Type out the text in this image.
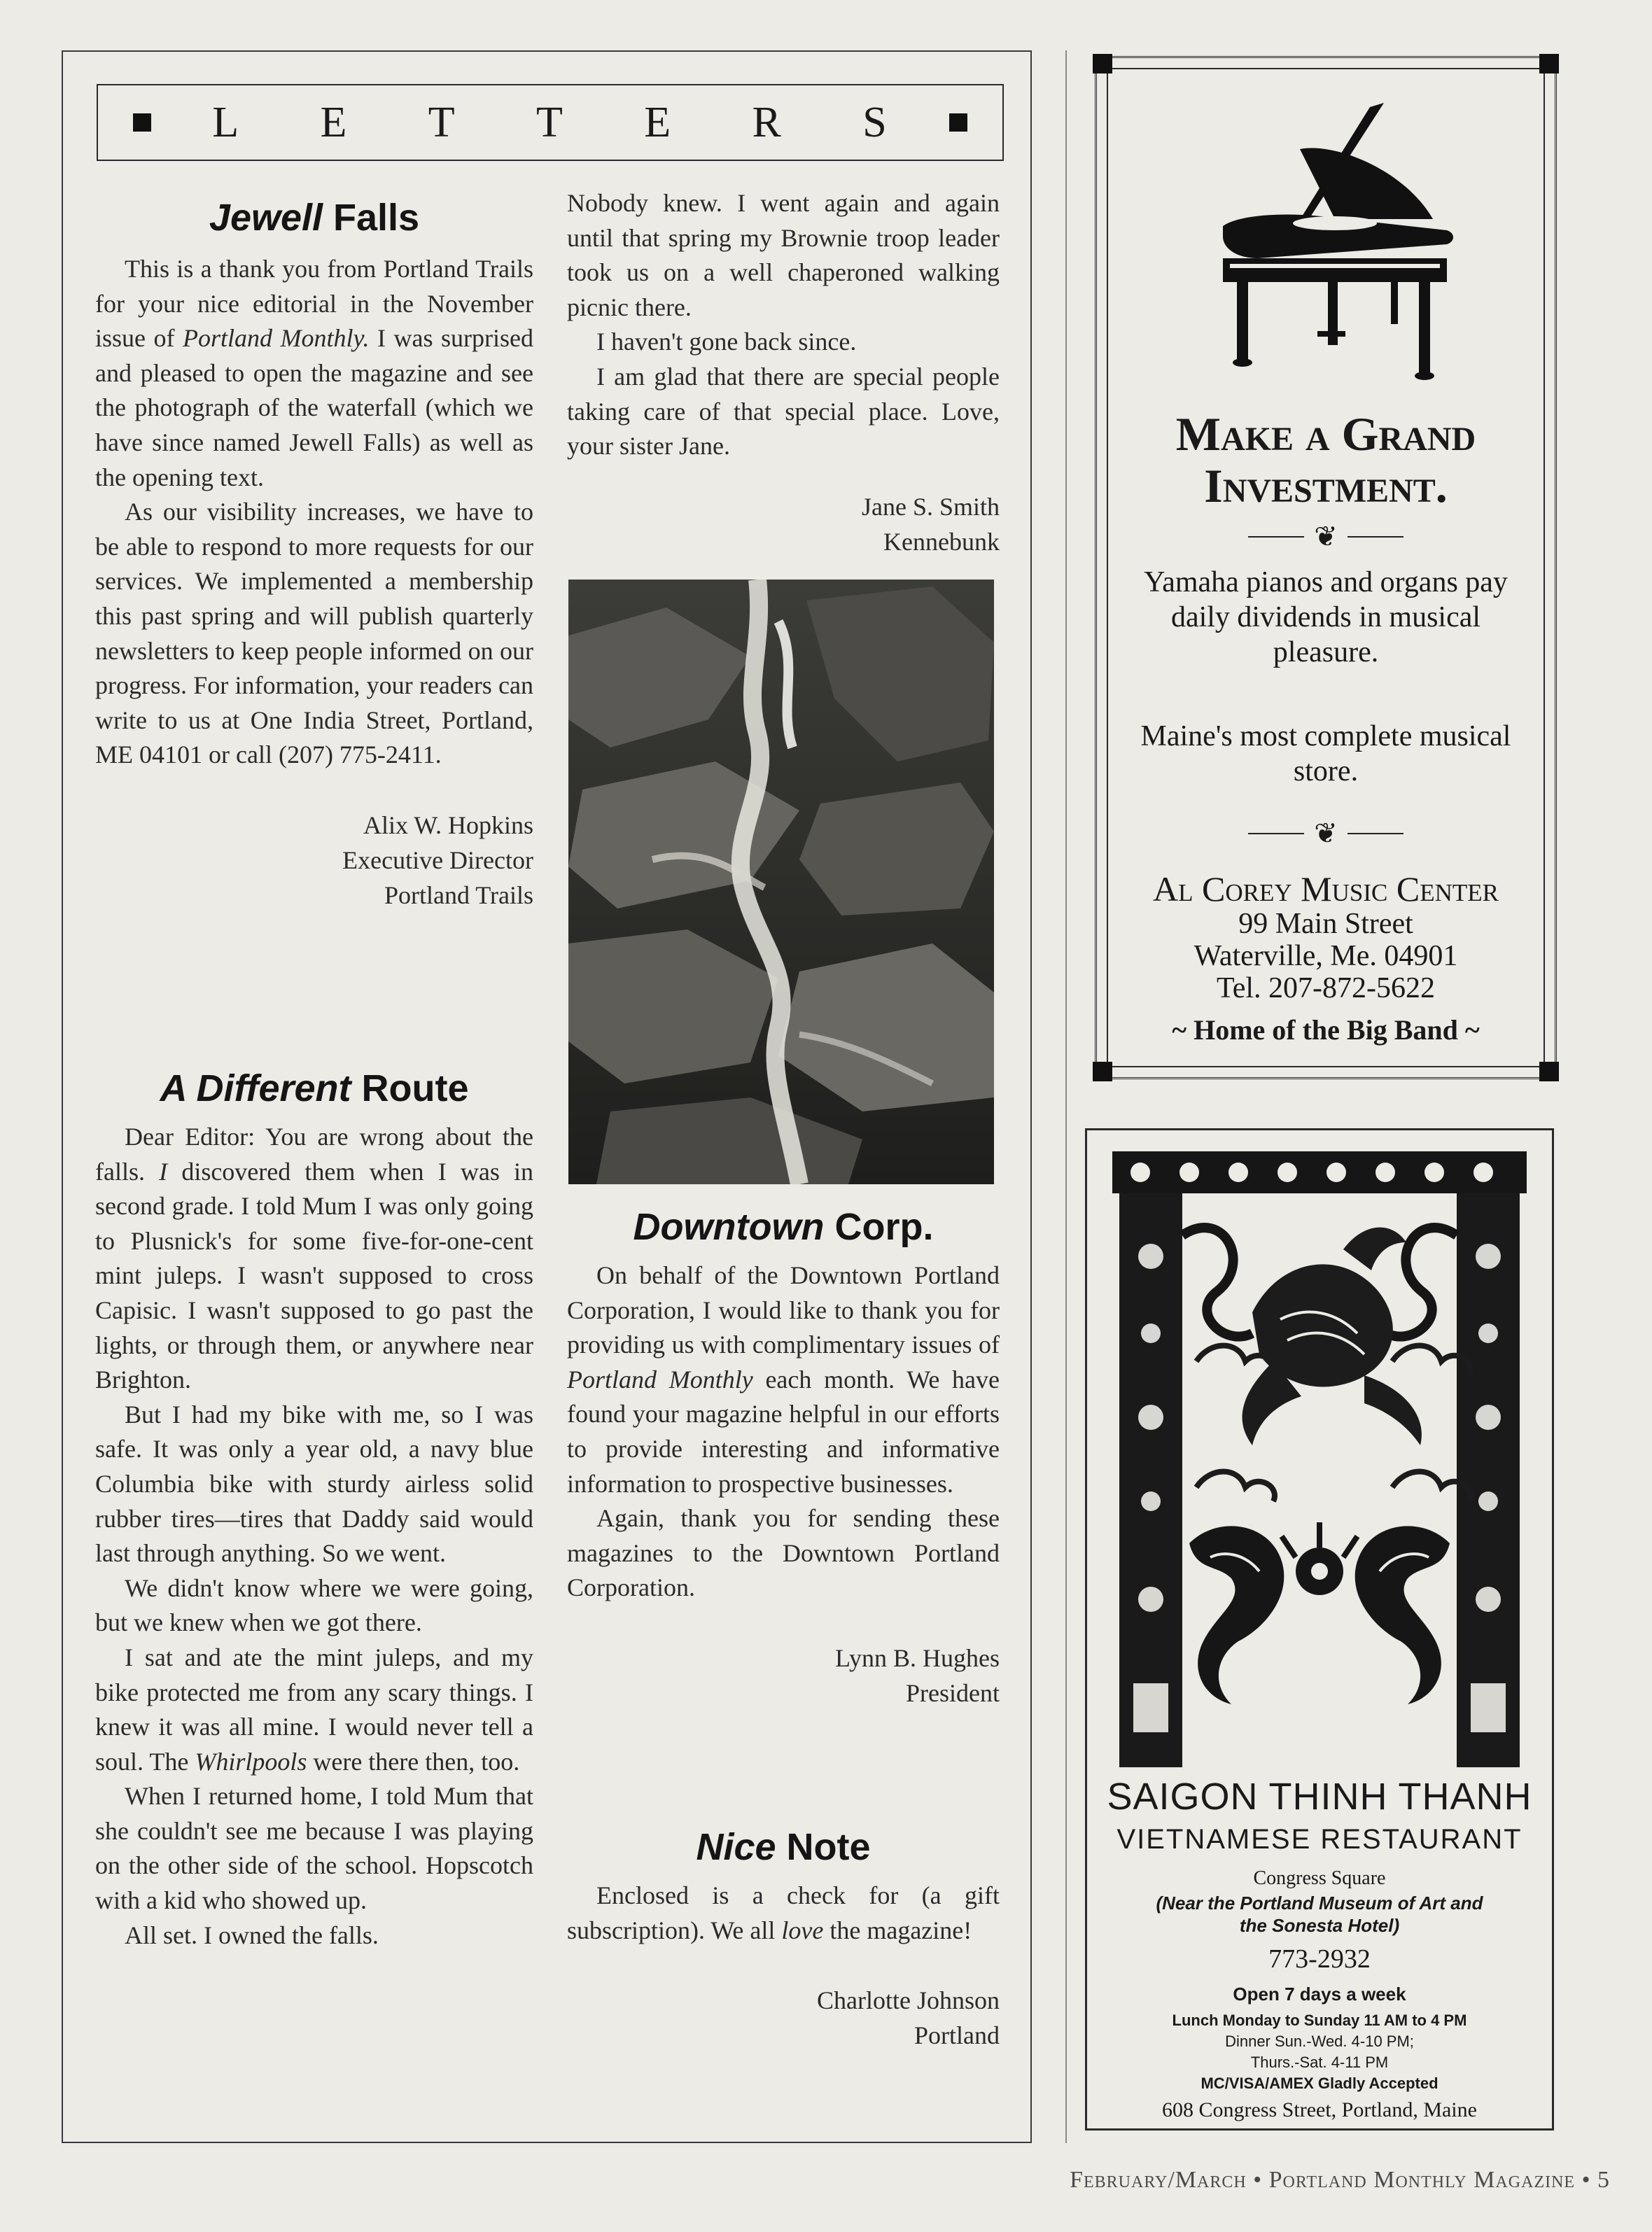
L E T T E R S
Jewell Falls

This is a thank you from Portland Trails for your nice editorial in the November issue of Portland Monthly. I was surprised and pleased to open the magazine and see the photograph of the waterfall (which we have since named Jewell Falls) as well as the opening text.

As our visibility increases, we have to be able to respond to more requests for our services. We implemented a membership this past spring and will publish quarterly newsletters to keep people informed on our progress. For information, your readers can write to us at One India Street, Portland, ME 04101 or call (207) 775-2411.

Alix W. Hopkins
Executive Director
Portland Trails
A Different Route

Dear Editor: You are wrong about the falls. I discovered them when I was in second grade. I told Mum I was only going to Plusnick's for some five-for-one-cent mint juleps. I wasn't supposed to cross Capisic. I wasn't supposed to go past the lights, or through them, or anywhere near Brighton.

But I had my bike with me, so I was safe. It was only a year old, a navy blue Columbia bike with sturdy airless solid rubber tires—tires that Daddy said would last through anything. So we went.

We didn't know where we were going, but we knew when we got there.

I sat and ate the mint juleps, and my bike protected me from any scary things. I knew it was all mine. I would never tell a soul. The Whirlpools were there then, too.

When I returned home, I told Mum that she couldn't see me because I was playing on the other side of the school. Hopscotch with a kid who showed up.

All set. I owned the falls.

Nobody knew. I went again and again until that spring my Brownie troop leader took us on a well chaperoned walking picnic there.

I haven't gone back since.

I am glad that there are special people taking care of that special place. Love, your sister Jane.

Jane S. Smith
Kennebunk
Downtown Corp.

On behalf of the Downtown Portland Corporation, I would like to thank you for providing us with complimentary issues of Portland Monthly each month. We have found your magazine helpful in our efforts to provide interesting and informative information to prospective businesses.

Again, thank you for sending these magazines to the Downtown Portland Corporation.

Lynn B. Hughes
President
Nice Note

Enclosed is a check for (a gift subscription). We all love the magazine!

Charlotte Johnson
Portland
Make a Grand
Investment.
❦
Yamaha pianos and organs pay daily dividends in musical pleasure.
Maine's most complete musical store.
❦
Al Corey Music Center
99 Main Street
Waterville, Me. 04901
Tel. 207-872-5622
~ Home of the Big Band ~
SAIGON THINH THANH
VIETNAMESE RESTAURANT
Congress Square
(Near the Portland Museum of Art and the Sonesta Hotel)
773-2932
Open 7 days a week
Lunch Monday to Sunday 11 AM to 4 PM
Dinner Sun.-Wed. 4-10 PM;
Thurs.-Sat. 4-11 PM
MC/VISA/AMEX Gladly Accepted
608 Congress Street, Portland, Maine
February/March • Portland Monthly Magazine • 5
